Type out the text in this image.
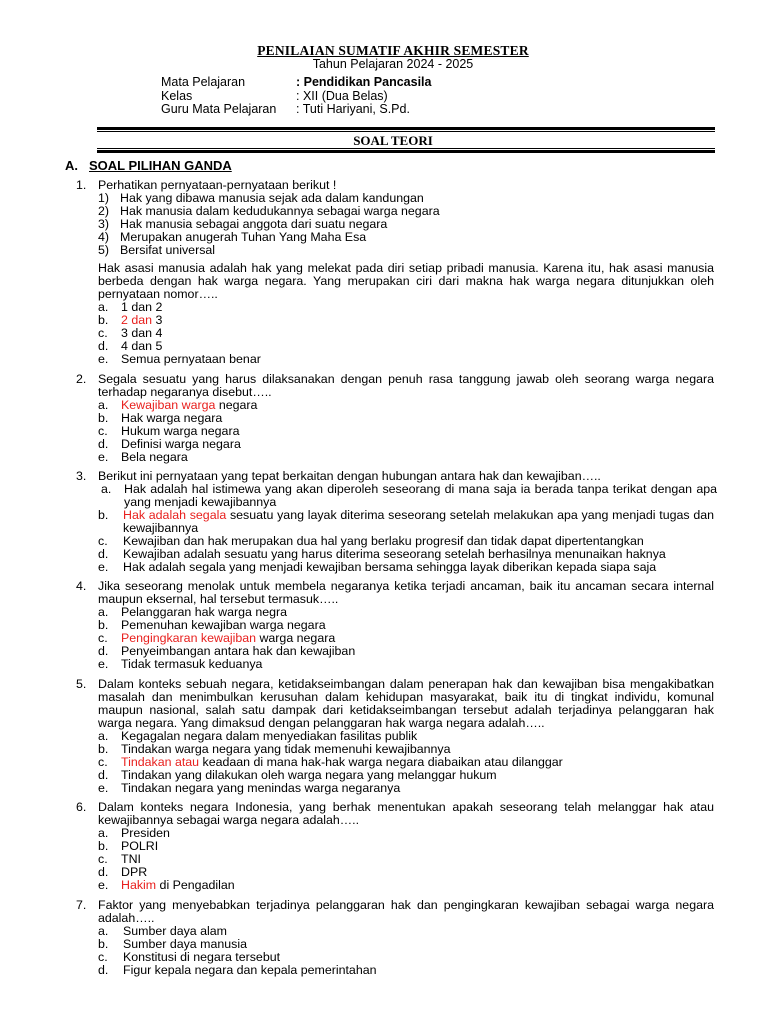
PENILAIAN SUMATIF AKHIR SEMESTER
Tahun Pelajaran 2024 - 2025
Mata Pelajaran	: Pendidikan Pancasila
Kelas	: XII (Dua Belas)
Guru Mata Pelajaran : Tuti Hariyani, S.Pd.
SOAL TEORI
A. SOAL PILIHAN GANDA
1. Perhatikan pernyataan-pernyataan berikut !
1) Hak yang dibawa manusia sejak ada dalam kandungan
2) Hak manusia dalam kedudukannya sebagai warga negara
3) Hak manusia sebagai anggota dari suatu negara
4) Merupakan anugerah Tuhan Yang Maha Esa
5) Bersifat universal
Hak asasi manusia adalah hak yang melekat pada diri setiap pribadi manusia. Karena itu, hak asasi manusia berbeda dengan hak warga negara. Yang merupakan ciri dari makna hak warga negara ditunjukkan oleh pernyataan nomor…..
a. 1 dan 2
b. 2 dan 3
c. 3 dan 4
d. 4 dan 5
e. Semua pernyataan benar
2. Segala sesuatu yang harus dilaksanakan dengan penuh rasa tanggung jawab oleh seorang warga negara terhadap negaranya disebut…..
a. Kewajiban warga negara
b. Hak warga negara
c. Hukum warga negara
d. Definisi warga negara
e. Bela negara
3. Berikut ini pernyataan yang tepat berkaitan dengan hubungan antara hak dan kewajiban…..
a. Hak adalah hal istimewa yang akan diperoleh seseorang di mana saja ia berada tanpa terikat dengan apa yang menjadi kewajibannya
b. Hak adalah segala sesuatu yang layak diterima seseorang setelah melakukan apa yang menjadi tugas dan kewajibannya
c. Kewajiban dan hak merupakan dua hal yang berlaku progresif dan tidak dapat dipertentangkan
d. Kewajiban adalah sesuatu yang harus diterima seseorang setelah berhasilnya menunaikan haknya
e. Hak adalah segala yang menjadi kewajiban bersama sehingga layak diberikan kepada siapa saja
4. Jika seseorang menolak untuk membela negaranya ketika terjadi ancaman, baik itu ancaman secara internal maupun eksernal, hal tersebut termasuk…..
a. Pelanggaran hak warga negra
b. Pemenuhan kewajiban warga negara
c. Pengingkaran kewajiban warga negara
d. Penyeimbangan antara hak dan kewajiban
e. Tidak termasuk keduanya
5. Dalam konteks sebuah negara, ketidakseimbangan dalam penerapan hak dan kewajiban bisa mengakibatkan masalah dan menimbulkan kerusuhan dalam kehidupan masyarakat, baik itu di tingkat individu, komunal maupun nasional, salah satu dampak dari ketidakseimbangan tersebut adalah terjadinya pelanggaran hak warga negara. Yang dimaksud dengan pelanggaran hak warga negara adalah…..
a. Kegagalan negara dalam menyediakan fasilitas publik
b. Tindakan warga negara yang tidak memenuhi kewajibannya
c. Tindakan atau keadaan di mana hak-hak warga negara diabaikan atau dilanggar
d. Tindakan yang dilakukan oleh warga negara yang melanggar hukum
e. Tindakan negara yang menindas warga negaranya
6. Dalam konteks negara Indonesia, yang berhak menentukan apakah seseorang telah melanggar hak atau kewajibannya sebagai warga negara adalah…..
a. Presiden
b. POLRI
c. TNI
d. DPR
e. Hakim di Pengadilan
7. Faktor yang menyebabkan terjadinya pelanggaran hak dan pengingkaran kewajiban sebagai warga negara adalah…..
a. Sumber daya alam
b. Sumber daya manusia
c. Konstitusi di negara tersebut
d. Figur kepala negara dan kepala pemerintahan
